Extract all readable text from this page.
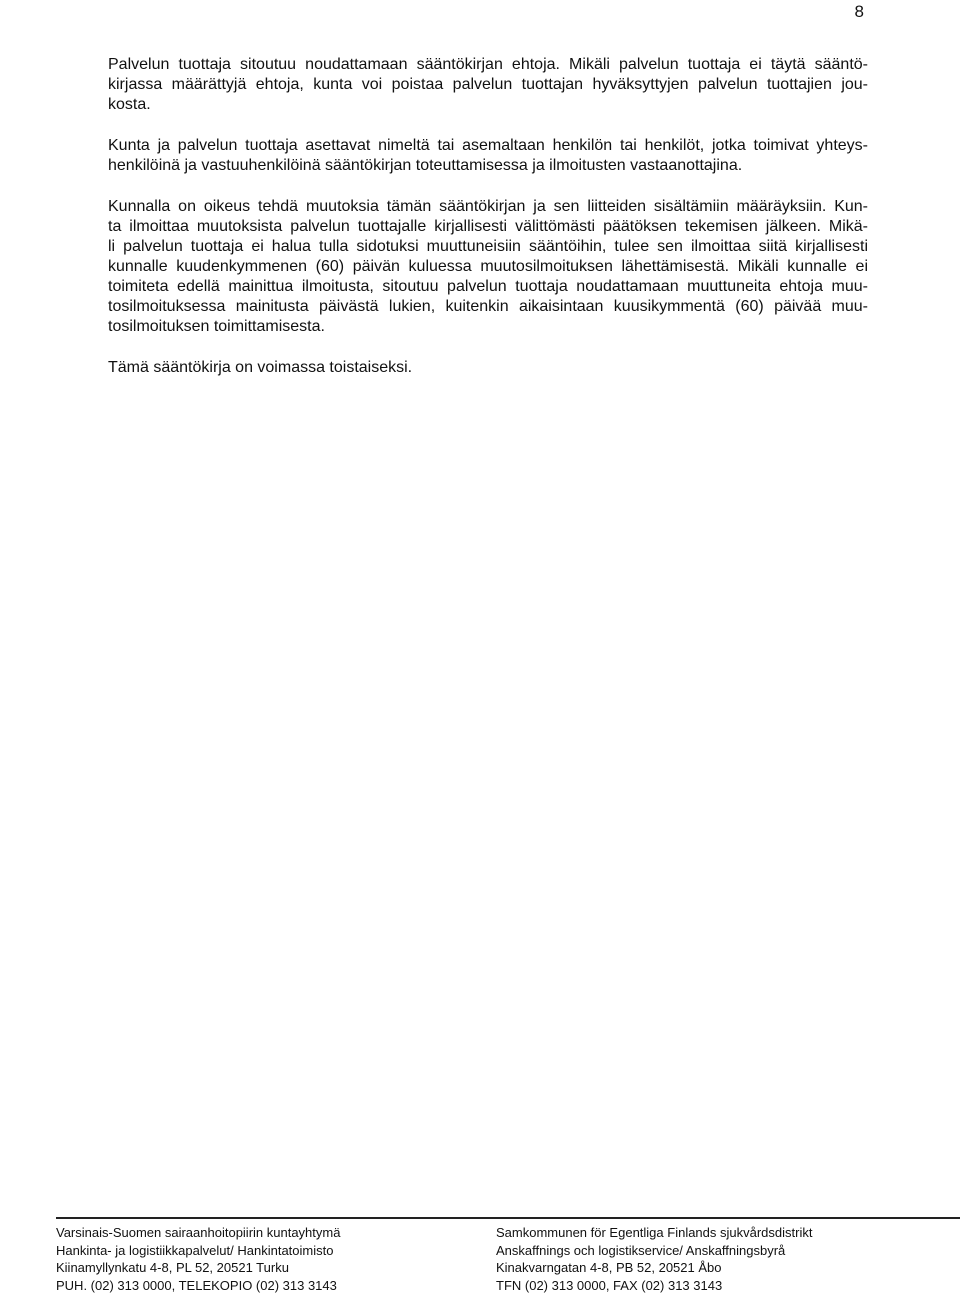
8

Palvelun tuottaja sitoutuu noudattamaan sääntökirjan ehtoja. Mikäli palvelun tuottaja ei täytä sääntö-
kirjassa määrättyjä ehtoja, kunta voi poistaa palvelun tuottajan hyväksyttyjen palvelun tuottajien jou-
kosta.

Kunta ja palvelun tuottaja asettavat nimeltä tai asemaltaan henkilön tai henkilöt, jotka toimivat yhteys-
henkilöinä ja vastuuhenkilöinä sääntökirjan toteuttamisessa ja ilmoitusten vastaanottajina.

Kunnalla on oikeus tehdä muutoksia tämän sääntökirjan ja sen liitteiden sisältämiin määräyksiin. Kun-
ta ilmoittaa muutoksista palvelun tuottajalle kirjallisesti välittömästi päätöksen tekemisen jälkeen. Mikä-
li palvelun tuottaja ei halua tulla sidotuksi muuttuneisiin sääntöihin, tulee sen ilmoittaa siitä kirjallisesti
kunnalle kuudenkymmenen (60) päivän kuluessa muutosilmoituksen lähettämisestä. Mikäli kunnalle ei
toimiteta edellä mainittua ilmoitusta, sitoutuu palvelun tuottaja noudattamaan muuttuneita ehtoja muu-
tosilmoituksessa mainitusta päivästä lukien, kuitenkin aikaisintaan kuusikymmentä (60) päivää muu-
tosilmoituksen toimittamisesta.

Tämä sääntökirja on voimassa toistaiseksi.

Varsinais-Suomen sairaanhoitopiirin kuntayhtymä
Hankinta- ja logistiikkapalvelut/ Hankintatoimisto
Kiinamyllynkatu 4-8, PL 52, 20521 Turku
PUH. (02) 313 0000, TELEKOPIO (02) 313 3143
Samkommunen för Egentliga Finlands sjukvårdsdistrikt
Anskaffnings och logistikservice/ Anskaffningsbyrå
Kinakvarngatan 4-8, PB 52, 20521 Åbo
TFN (02) 313 0000, FAX (02) 313 3143
